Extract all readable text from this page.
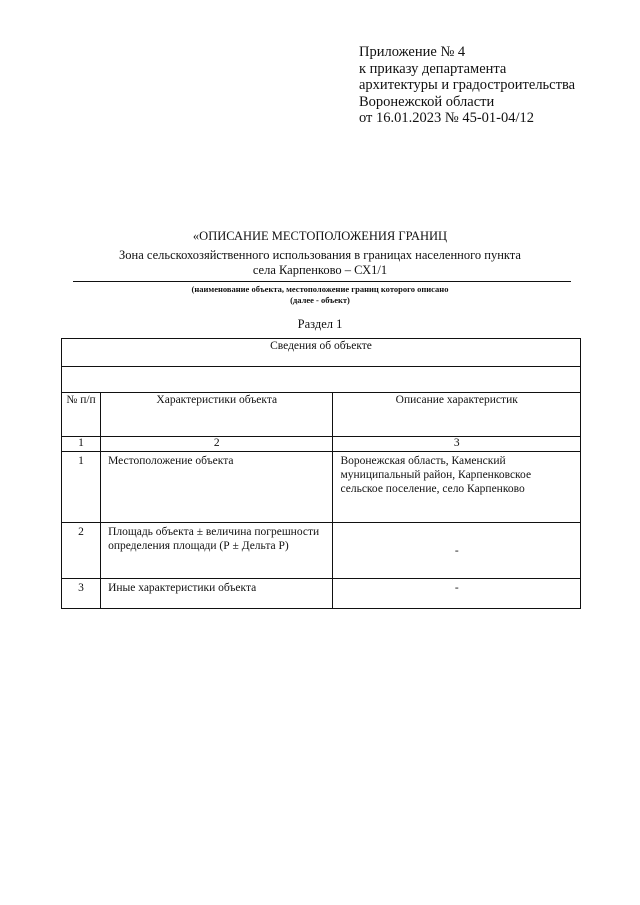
Приложение № 4
к приказу департамента
архитектуры и градостроительства
Воронежской области
от 16.01.2023 № 45-01-04/12
«ОПИСАНИЕ МЕСТОПОЛОЖЕНИЯ ГРАНИЦ
Зона сельскохозяйственного использования в границах населенного пункта
села Карпенково – СХ1/1
(наименование объекта, местоположение границ которого описано
(далее - объект)
Раздел 1
Сведения об объекте		

№ п/п	Характеристики объекта	Описание характеристик
1	2	3
1	Местоположение объекта	Воронежская область, Каменский муниципальный район, Карпенковское сельское поселение, село Карпенково
2	Площадь объекта ± величина погрешности определения площади (Р ± Дельта Р)	-
3	Иные характеристики объекта	-
